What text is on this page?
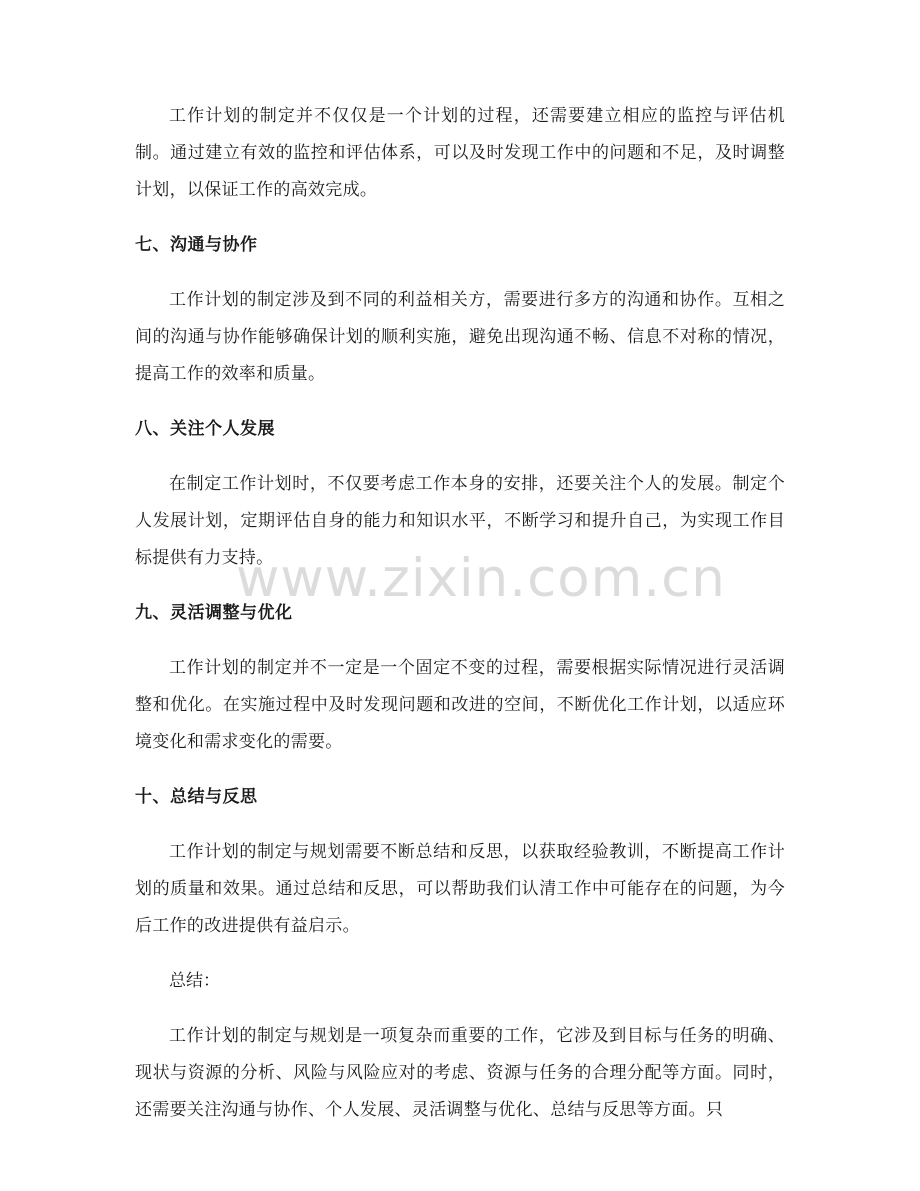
www.zixin.com.cn

工作计划的制定并不仅仅是一个计划的过程，还需要建立相应的监控与评估机制。通过建立有效的监控和评估体系，可以及时发现工作中的问题和不足，及时调整计划，以保证工作的高效完成。

七、沟通与协作

工作计划的制定涉及到不同的利益相关方，需要进行多方的沟通和协作。互相之间的沟通与协作能够确保计划的顺利实施，避免出现沟通不畅、信息不对称的情况，提高工作的效率和质量。

八、关注个人发展

在制定工作计划时，不仅要考虑工作本身的安排，还要关注个人的发展。制定个人发展计划，定期评估自身的能力和知识水平，不断学习和提升自己，为实现工作目标提供有力支持。

九、灵活调整与优化

工作计划的制定并不一定是一个固定不变的过程，需要根据实际情况进行灵活调整和优化。在实施过程中及时发现问题和改进的空间，不断优化工作计划，以适应环境变化和需求变化的需要。

十、总结与反思

工作计划的制定与规划需要不断总结和反思，以获取经验教训，不断提高工作计划的质量和效果。通过总结和反思，可以帮助我们认清工作中可能存在的问题，为今后工作的改进提供有益启示。

总结：

工作计划的制定与规划是一项复杂而重要的工作，它涉及到目标与任务的明确、现状与资源的分析、风险与风险应对的考虑、资源与任务的合理分配等方面。同时，还需要关注沟通与协作、个人发展、灵活调整与优化、总结与反思等方面。只
